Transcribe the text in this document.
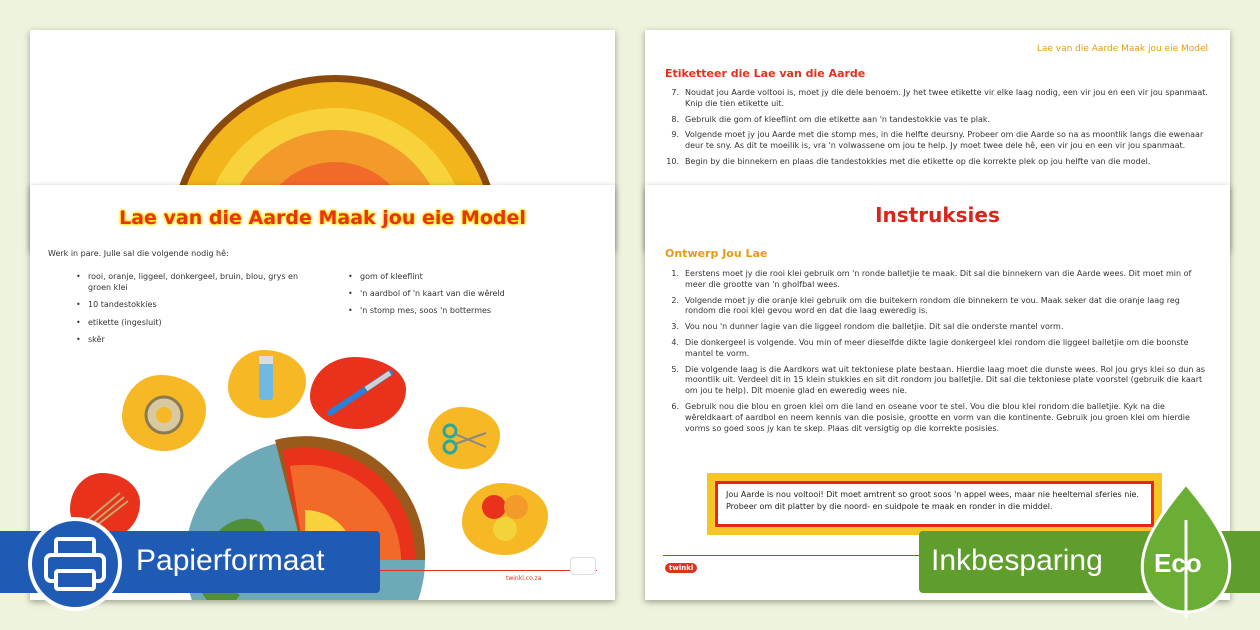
Lae van die Aarde Maak jou eie Model
Etiketteer die Lae van die Aarde
7. Noudat jou Aarde voltooi is, moet jy die dele benoem. Jy het twee etikette vir elke laag nodig, een vir jou en een vir jou spanmaat. Knip die tien etikette uit.
8. Gebruik die gom of kleeflint om die etikette aan 'n tandestokkie vas te plak.
9. Volgende moet jy jou Aarde met die stomp mes, in die helfte deursny. Probeer om die Aarde so na as moontlik langs die ewenaar deur te sny. As dit te moeilik is, vra 'n volwassene om jou te help. Jy moet twee dele hê, een vir jou en een vir jou spanmaat.
10. Begin by die binnekern en plaas die tandestokkies met die etikette op die korrekte plek op jou helfte van die model.
Lae van die Aarde Maak jou eie Model
Werk in pare. Julle sal die volgende nodig hê:
• rooi, oranje, liggeel, donkergeel, bruin, blou, grys en groen klei
• 10 tandestokkies
• etikette (ingesluit)
• skêr
• gom of kleeflint
• 'n aardbol of 'n kaart van die wêreld
• 'n stomp mes, soos 'n bottermes
twinkl.co.za
Instruksies
Ontwerp Jou Lae
1. Eerstens moet jy die rooi klei gebruik om 'n ronde balletjie te maak. Dit sal die binnekern van die Aarde wees. Dit moet min of meer die grootte van 'n gholfbal wees.
2. Volgende moet jy die oranje klei gebruik om die buitekern rondom die binnekern te vou. Maak seker dat die oranje laag reg rondom die rooi klei gevou word en dat die laag eweredig is.
3. Vou nou 'n dunner lagie van die liggeel rondom die balletjie. Dit sal die onderste mantel vorm.
4. Die donkergeel is volgende. Vou min of meer dieselfde dikte lagie donkergeel klei rondom die liggeel balletjie om die boonste mantel te vorm.
5. Die volgende laag is die Aardkors wat uit tektoniese plate bestaan. Hierdie laag moet die dunste wees. Rol jou grys klei so dun as moontlik uit. Verdeel dit in 15 klein stukkies en sit dit rondom jou balletjie. Dit sal die tektoniese plate voorstel (gebruik die kaart om jou te help). Dit moenie glad en eweredig wees nie.
6. Gebruik nou die blou en groen klei om die land en oseane voor te stel. Vou die blou klei rondom die balletjie. Kyk na die wêreldkaart of aardbol en neem kennis van die posisie, grootte en vorm van die kontinente. Gebruik jou groen klei om hierdie vorms so goed soos jy kan te skep. Plaas dit versigtig op die korrekte posisies.
Jou Aarde is nou voltooi! Dit moet amtrent so groot soos 'n appel wees, maar nie heeltemal sferies nie. Probeer om dit platter by die noord- en suidpole te maak en ronder in die middel.
twinkl
Papierformaat	Inkbesparing Eco
